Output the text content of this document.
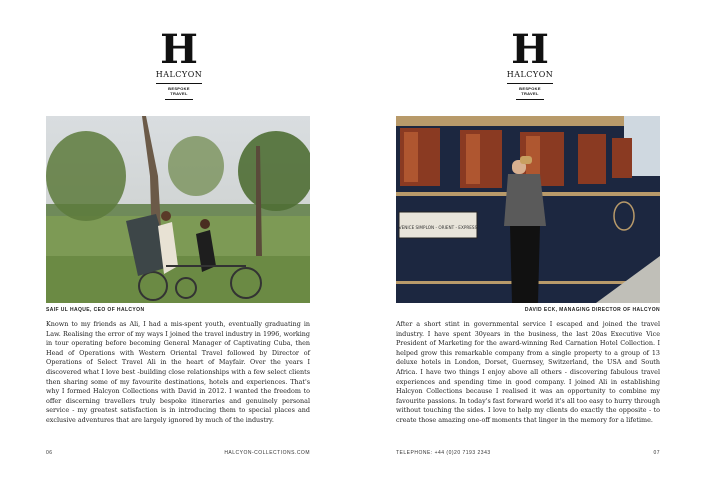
H
HALCYON
BESPOKE
TRAVEL
SAIF UL HAQUE, CEO OF HALCYON

Known to my friends as Ali, I had a mis-spent youth, eventually graduating in Law. Realising the error of my ways I joined the travel industry in 1996, working in tour operating before becoming General Manager of Captivating Cuba, then Head of Operations with Western Oriental Travel followed by Director of Operations of Select Travel Ali in the heart of Mayfair. Over the years I discovered what I love best -building close relationships with a few select clients then sharing some of my favourite destinations, hotels and experiences. That's why I formed Halcyon Collections with David in 2012. I wanted the freedom to offer discerning travellers truly bespoke itineraries and genuinely personal service - my greatest satisfaction is in introducing them to special places and exclusive adventures that are largely ignored by much of the industry.

06	HALCYON-COLLECTIONS.COM
H
HALCYON
BESPOKE
TRAVEL
VENICE SIMPLON - ORIENT - EXPRESS
DAVID ECK, MANAGING DIRECTOR OF HALCYON

After a short stint in governmental service I escaped and joined the travel industry. I have spent 30years in the business, the last 20as Executive Vice President of Marketing for the award-winning Red Carnation Hotel Collection. I helped grow this remarkable company from a single property to a group of 13 deluxe hotels in London, Dorset, Guernsey, Switzerland, the USA and South Africa. I have two things I enjoy above all others - discovering fabulous travel experiences and spending time in good company. I joined Ali in establishing Halcyon Collections because I realised it was an opportunity to combine my favourite passions. In today's fast forward world it's all too easy to hurry through without touching the sides. I love to help my clients do exactly the opposite - to create those amazing one-off moments that linger in the memory for a lifetime.

TELEPHONE: +44 (0)20 7193 2343	07
